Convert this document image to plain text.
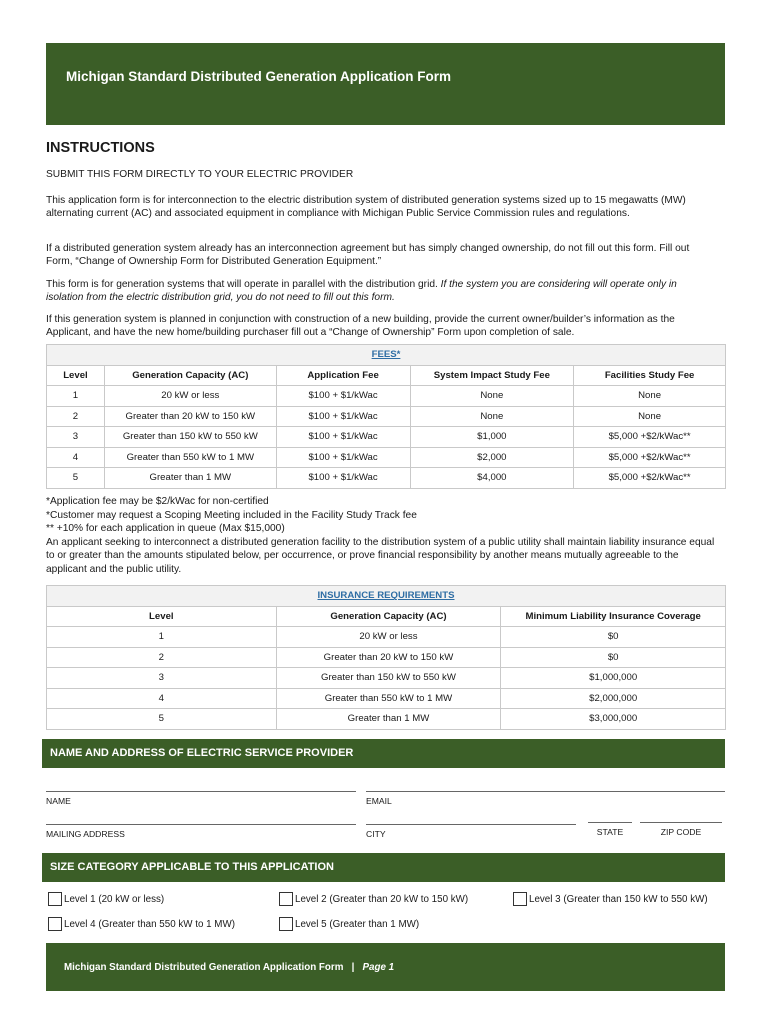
Michigan Standard Distributed Generation Application Form
INSTRUCTIONS
SUBMIT THIS FORM DIRECTLY TO YOUR ELECTRIC PROVIDER
This application form is for interconnection to the electric distribution system of distributed generation systems sized up to 15 megawatts (MW) alternating current (AC) and associated equipment in compliance with Michigan Public Service Commission rules and regulations.
If a distributed generation system already has an interconnection agreement but has simply changed ownership, do not fill out this form. Fill out Form, “Change of Ownership Form for Distributed Generation Equipment.”
This form is for generation systems that will operate in parallel with the distribution grid. If the system you are considering will operate only in isolation from the electric distribution grid, you do not need to fill out this form.
If this generation system is planned in conjunction with construction of a new building, provide the current owner/builder’s information as the Applicant, and have the new home/building purchaser fill out a “Change of Ownership” Form upon completion of sale.
FEES*				
Level	Generation Capacity (AC)	Application Fee	System Impact Study Fee	Facilities Study Fee
1	20 kW or less	$100 + $1/kWac	None	None
2	Greater than 20 kW to 150 kW	$100 + $1/kWac	None	None
3	Greater than 150 kW to 550 kW	$100 + $1/kWac	$1,000	$5,000 +$2/kWac**
4	Greater than 550 kW to 1 MW	$100 + $1/kWac	$2,000	$5,000 +$2/kWac**
5	Greater than 1 MW	$100 + $1/kWac	$4,000	$5,000 +$2/kWac**
*Application fee may be $2/kWac for non-certified
*Customer may request a Scoping Meeting included in the Facility Study Track fee
** +10% for each application in queue (Max $15,000)
An applicant seeking to interconnect a distributed generation facility to the distribution system of a public utility shall maintain liability insurance equal to or greater than the amounts stipulated below, per occurrence, or prove financial responsibility by another means mutually agreeable to the applicant and the public utility.
INSURANCE REQUIREMENTS		
Level	Generation Capacity (AC)	Minimum Liability Insurance Coverage
1	20 kW or less	$0
2	Greater than 20 kW to 150 kW	$0
3	Greater than 150 kW to 550 kW	$1,000,000
4	Greater than 550 kW to 1 MW	$2,000,000
5	Greater than 1 MW	$3,000,000
NAME AND ADDRESS OF ELECTRIC SERVICE PROVIDER
NAME	EMAIL
MAILING ADDRESS	CITY	STATE	ZIP CODE
SIZE CATEGORY APPLICABLE TO THIS APPLICATION
Level 1 (20 kW or less)	Level 2 (Greater than 20 kW to 150 kW)	Level 3 (Greater than 150 kW to 550 kW)
Level 4 (Greater than 550 kW to 1 MW)	Level 5 (Greater than 1 MW)
Michigan Standard Distributed Generation Application Form | Page 1
